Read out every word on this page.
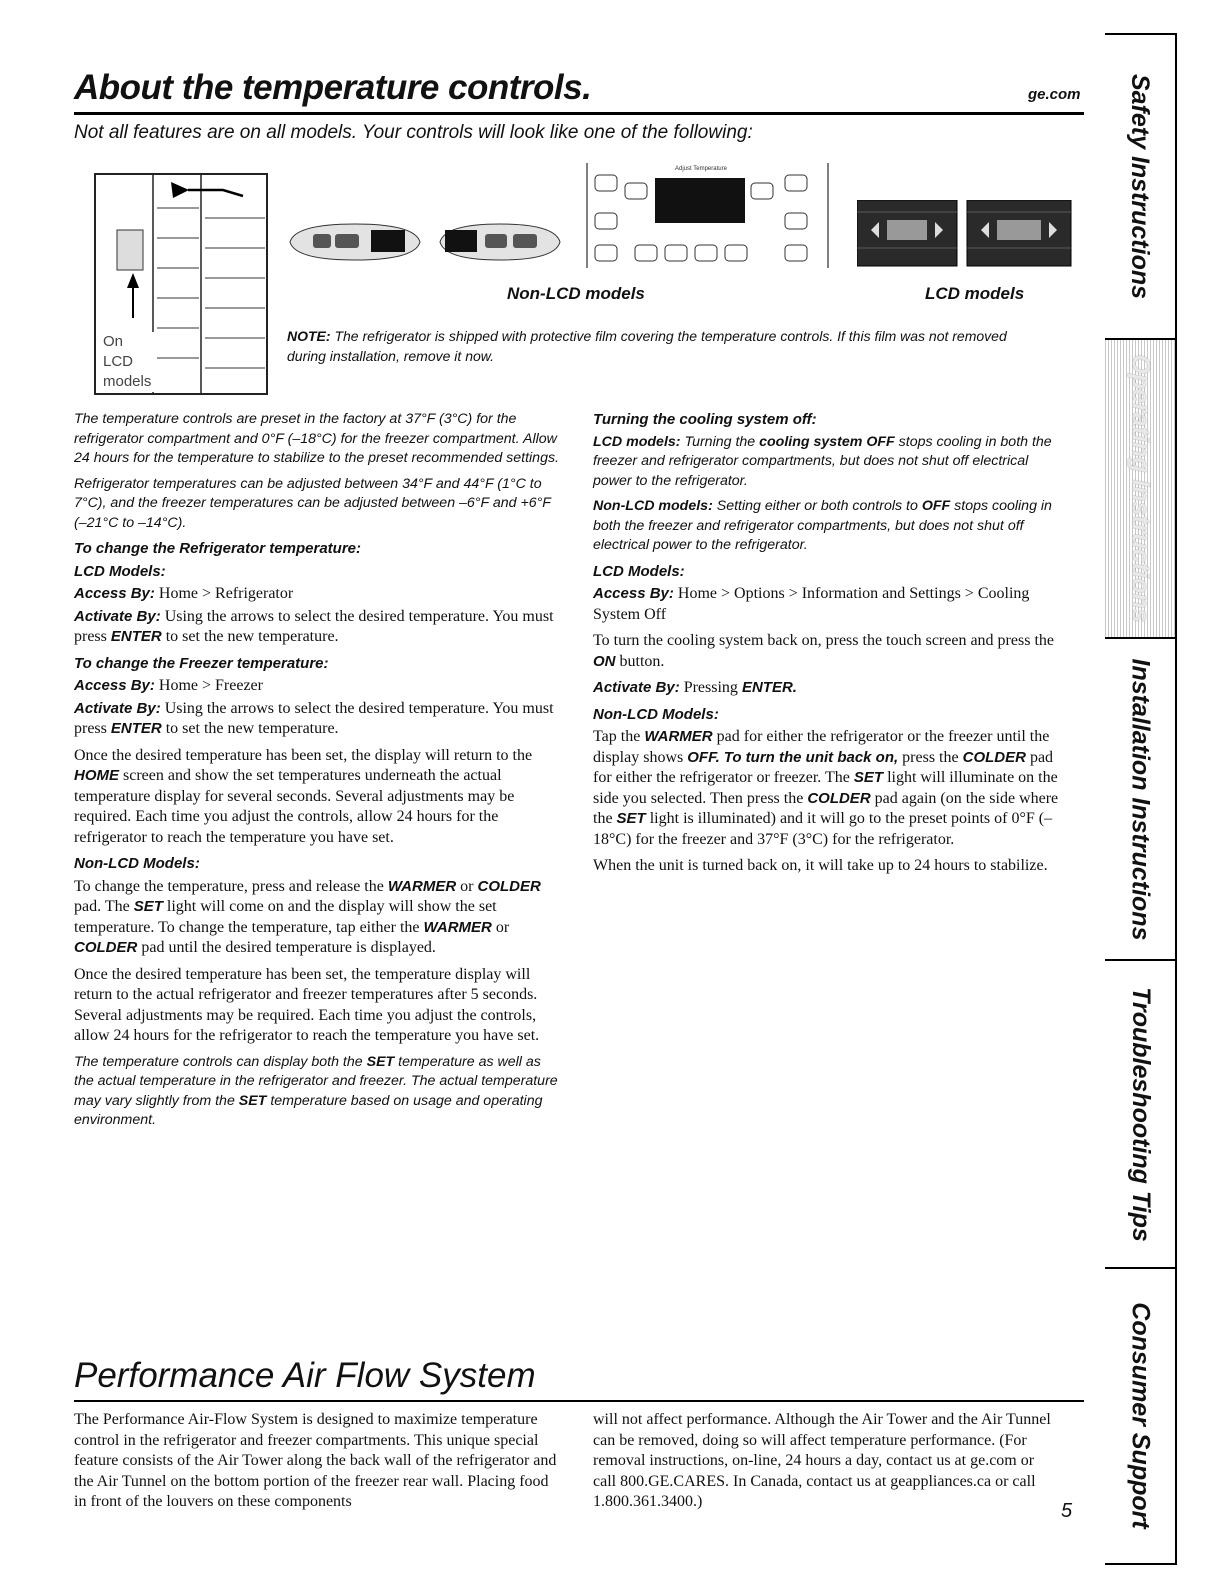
About the temperature controls.	ge.com
Not all features are on all models. Your controls will look like one of the following:
On LCD models
Adjust Temperature
Non-LCD models	LCD models
NOTE: The refrigerator is shipped with protective film covering the temperature controls. If this film was not removed during installation, remove it now.

The temperature controls are preset in the factory at 37°F (3°C) for the refrigerator compartment and 0°F (–18°C) for the freezer compartment. Allow 24 hours for the temperature to stabilize to the preset recommended settings.

Refrigerator temperatures can be adjusted between 34°F and 44°F (1°C to 7°C), and the freezer temperatures can be adjusted between –6°F and +6°F (–21°C to –14°C).

To change the Refrigerator temperature:

LCD Models:

Access By: Home > Refrigerator

Activate By: Using the arrows to select the desired temperature. You must press ENTER to set the new temperature.

To change the Freezer temperature:

Access By: Home > Freezer

Activate By: Using the arrows to select the desired temperature. You must press ENTER to set the new temperature.

Once the desired temperature has been set, the display will return to the HOME screen and show the set temperatures underneath the actual temperature display for several seconds. Several adjustments may be required. Each time you adjust the controls, allow 24 hours for the refrigerator to reach the temperature you have set.

Non-LCD Models:

To change the temperature, press and release the WARMER or COLDER pad. The SET light will come on and the display will show the set temperature. To change the temperature, tap either the WARMER or COLDER pad until the desired temperature is displayed.

Once the desired temperature has been set, the temperature display will return to the actual refrigerator and freezer temperatures after 5 seconds. Several adjustments may be required. Each time you adjust the controls, allow 24 hours for the refrigerator to reach the temperature you have set.

The temperature controls can display both the SET temperature as well as the actual temperature in the refrigerator and freezer. The actual temperature may vary slightly from the SET temperature based on usage and operating environment.

Turning the cooling system off:

LCD models: Turning the cooling system OFF stops cooling in both the freezer and refrigerator compartments, but does not shut off electrical power to the refrigerator.

Non-LCD models: Setting either or both controls to OFF stops cooling in both the freezer and refrigerator compartments, but does not shut off electrical power to the refrigerator.

LCD Models:

Access By: Home > Options > Information and Settings > Cooling System Off

To turn the cooling system back on, press the touch screen and press the ON button.

Activate By: Pressing ENTER.

Non-LCD Models:

Tap the WARMER pad for either the refrigerator or the freezer until the display shows OFF. To turn the unit back on, press the COLDER pad for either the refrigerator or freezer. The SET light will illuminate on the side you selected. Then press the COLDER pad again (on the side where the SET light is illuminated) and it will go to the preset points of 0°F (–18°C) for the freezer and 37°F (3°C) for the refrigerator.

When the unit is turned back on, it will take up to 24 hours to stabilize.

Performance Air Flow System
The Performance Air-Flow System is designed to maximize temperature control in the refrigerator and freezer compartments. This unique special feature consists of the Air Tower along the back wall of the refrigerator and the Air Tunnel on the bottom portion of the freezer rear wall. Placing food in front of the louvers on these components
will not affect performance. Although the Air Tower and the Air Tunnel can be removed, doing so will affect temperature performance. (For removal instructions, on-line, 24 hours a day, contact us at ge.com or call 800.GE.CARES. In Canada, contact us at geappliances.ca or call 1.800.361.3400.)	5
Safety Instructions
Operating Instructions
Installation Instructions
Troubleshooting Tips
Consumer Support
